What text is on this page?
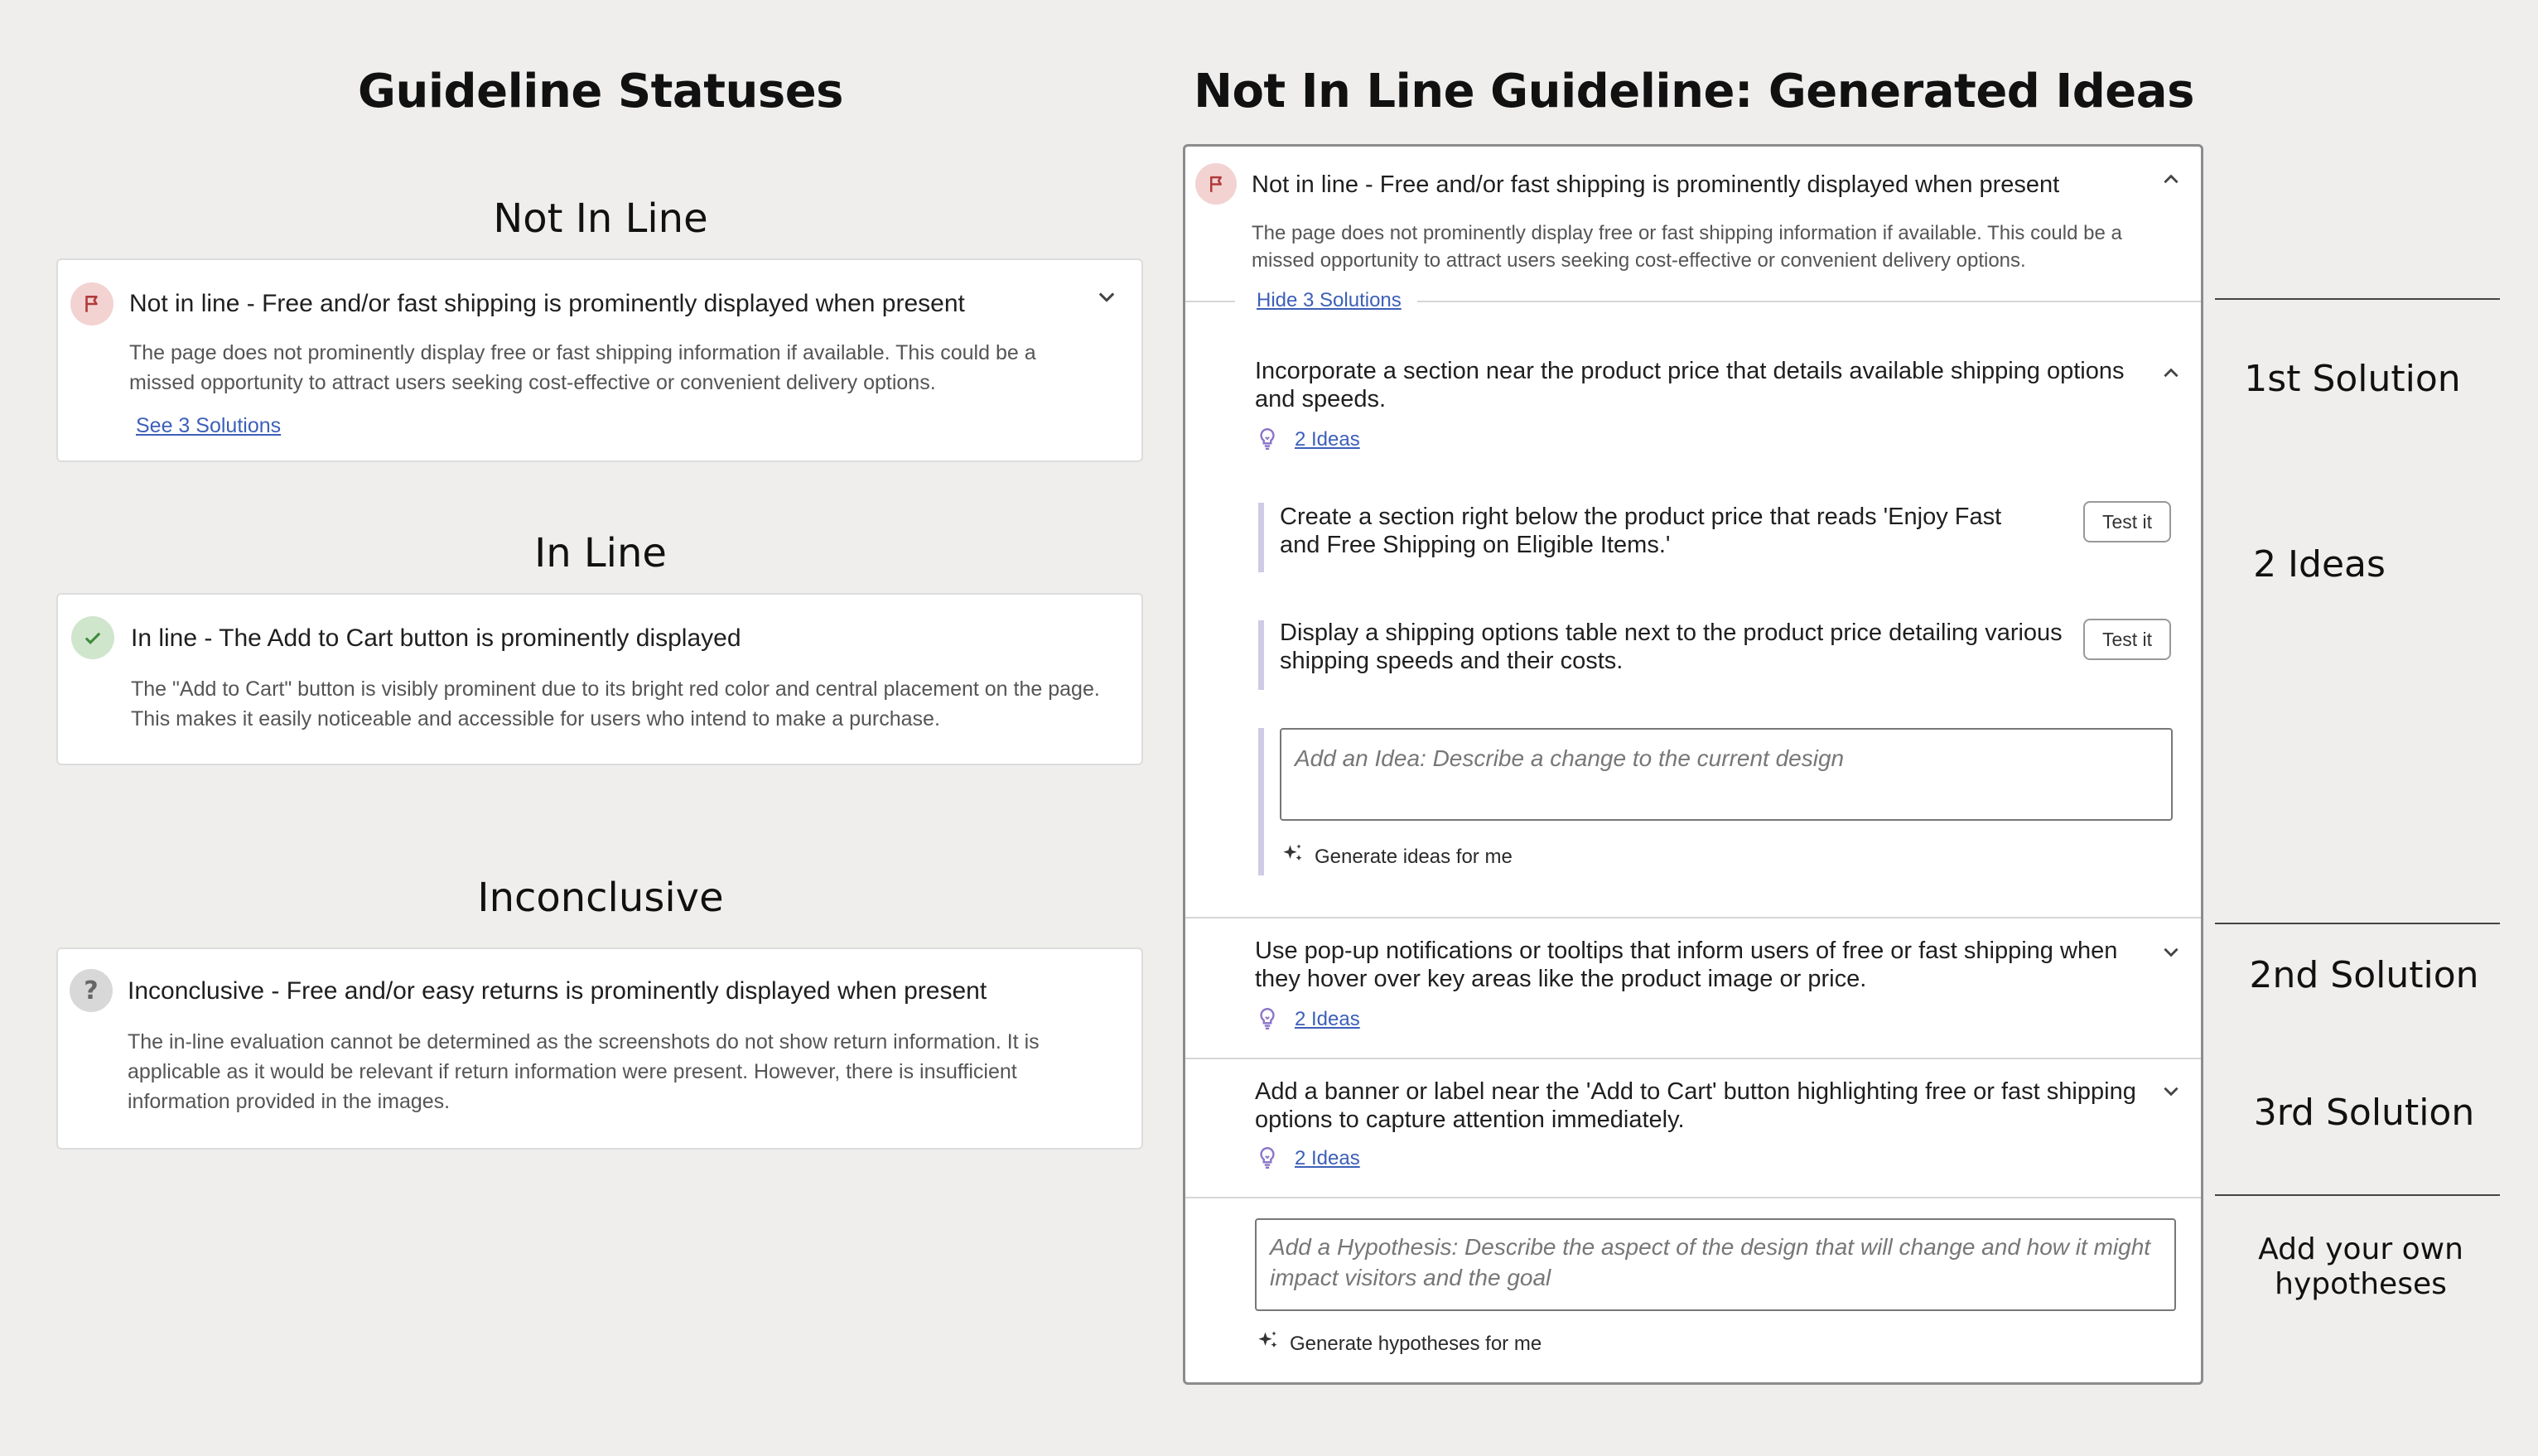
Guideline Statuses
Not In Line
Not in line - Free and/or fast shipping is prominently displayed when present
The page does not prominently display free or fast shipping information if available. This could be a missed opportunity to attract users seeking cost-effective or convenient delivery options.
See 3 Solutions
In Line
In line - The Add to Cart button is prominently displayed
The "Add to Cart" button is visibly prominent due to its bright red color and central placement on the page. This makes it easily noticeable and accessible for users who intend to make a purchase.
Inconclusive
? Inconclusive - Free and/or easy returns is prominently displayed when present
The in-line evaluation cannot be determined as the screenshots do not show return information. It is applicable as it would be relevant if return information were present. However, there is insufficient information provided in the images.
Not In Line Guideline: Generated Ideas
Not in line - Free and/or fast shipping is prominently displayed when present
The page does not prominently display free or fast shipping information if available. This could be a missed opportunity to attract users seeking cost-effective or convenient delivery options.
Hide 3 Solutions
Incorporate a section near the product price that details available shipping options and speeds.
2 Ideas
Create a section right below the product price that reads 'Enjoy Fast and Free Shipping on Eligible Items.'
Test it
Display a shipping options table next to the product price detailing various shipping speeds and their costs.
Test it
Add an Idea: Describe a change to the current design
Generate ideas for me
Use pop-up notifications or tooltips that inform users of free or fast shipping when they hover over key areas like the product image or price.
2 Ideas
Add a banner or label near the 'Add to Cart' button highlighting free or fast shipping options to capture attention immediately.
2 Ideas
Add a Hypothesis: Describe the aspect of the design that will change and how it might impact visitors and the goal
Generate hypotheses for me
1st Solution
2 Ideas
2nd Solution
3rd Solution
Add your own
hypotheses
